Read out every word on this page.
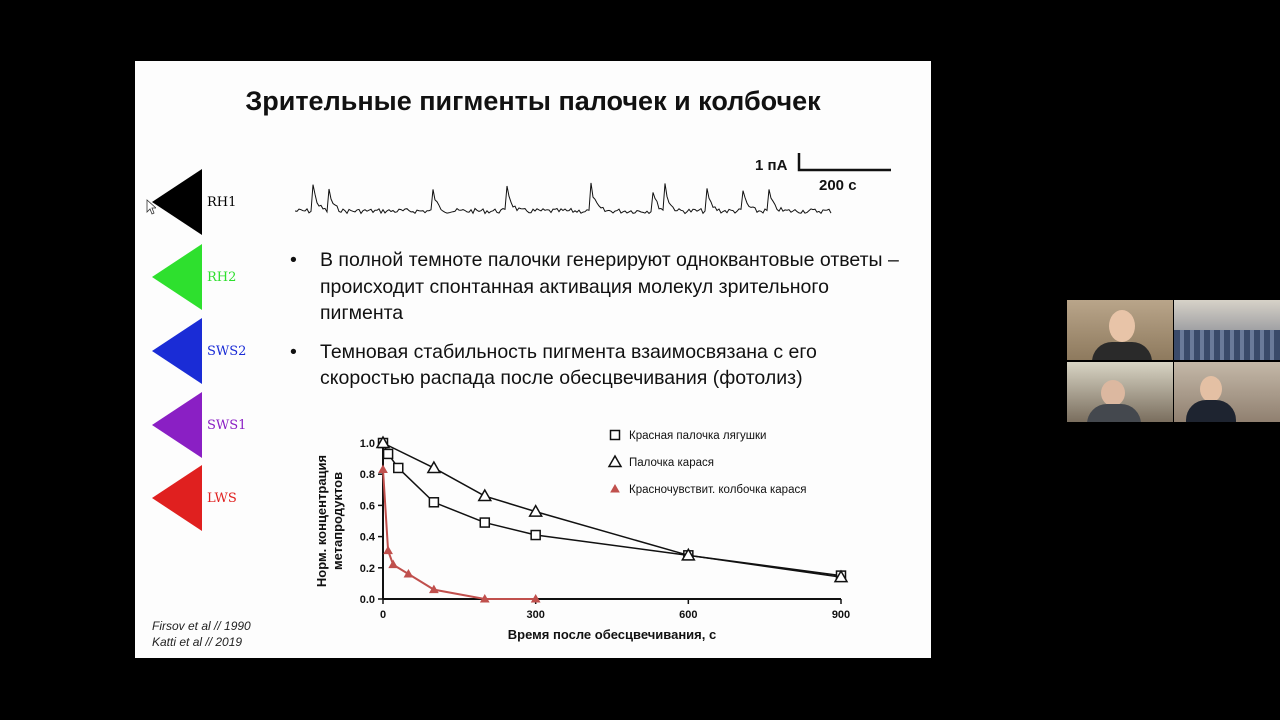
Зрительные пигменты палочек и колбочек
RH1
RH2
SWS2
SWS1
LWS
1 пА
200 с
• В полной темноте палочки генерируют одноквантовые ответы – происходит спонтанная активация молекул зрительного пигмента
• Темновая стабильность пигмента взаимосвязана с его скоростью распада после обесцвечивания (фотолиз)
0.0
0.2
0.4
0.6
0.8
1.0
0	300	600	900
Время после обесцвечивания, с
Норм. концентрация метапродуктов
Красная палочка лягушки
Палочка карася
Красночувствит. колбочка карася
Firsov et al // 1990
Katti et al // 2019
